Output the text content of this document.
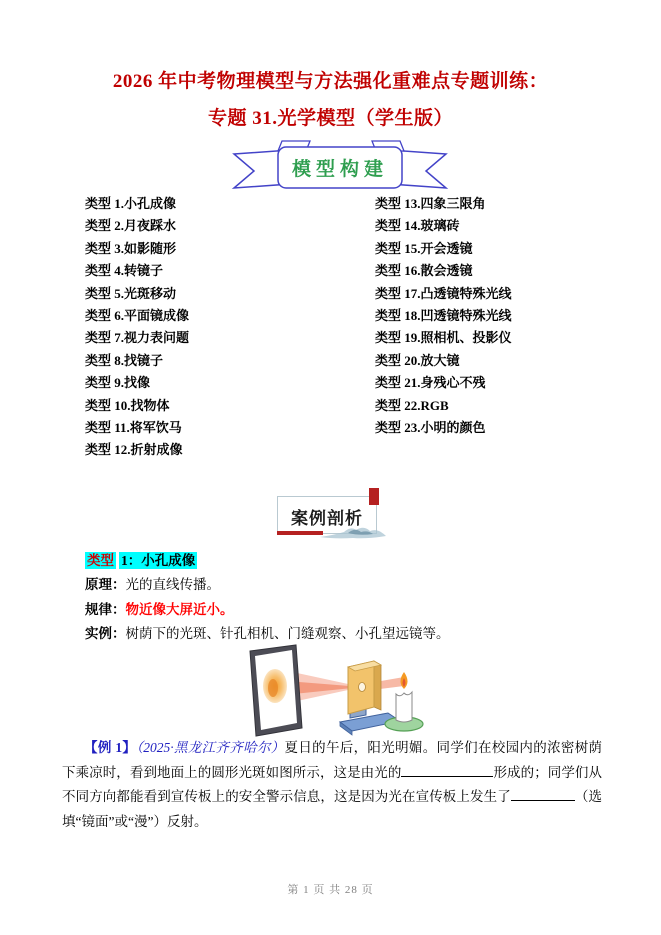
2026 年中考物理模型与方法强化重难点专题训练：
专题 31.光学模型（学生版）
模型构建
类型 1.小孔成像
类型 2.月夜踩水
类型 3.如影随形
类型 4.转镜子
类型 5.光斑移动
类型 6.平面镜成像
类型 7.视力表问题
类型 8.找镜子
类型 9.找像
类型 10.找物体
类型 11.将军饮马
类型 12.折射成像
类型 13.四象三限角
类型 14.玻璃砖
类型 15.开会透镜
类型 16.散会透镜
类型 17.凸透镜特殊光线
类型 18.凹透镜特殊光线
类型 19.照相机、投影仪
类型 20.放大镜
类型 21.身残心不残
类型 22.RGB
类型 23.小明的颜色
案例剖析
类型 1：小孔成像
原理：光的直线传播。
规律：物近像大屏近小。
实例：树荫下的光斑、针孔相机、门缝观察、小孔望远镜等。
【例 1】（2025·黑龙江齐齐哈尔）夏日的午后，阳光明媚。同学们在校园内的浓密树荫下乘凉时，看到地面上的圆形光斑如图所示，这是由光的	形成的；同学们从不同方向都能看到宣传板上的安全警示信息，这是因为光在宣传板上发生了	（选填“镜面”或“漫”）反射。
第 1 页 共 28 页
